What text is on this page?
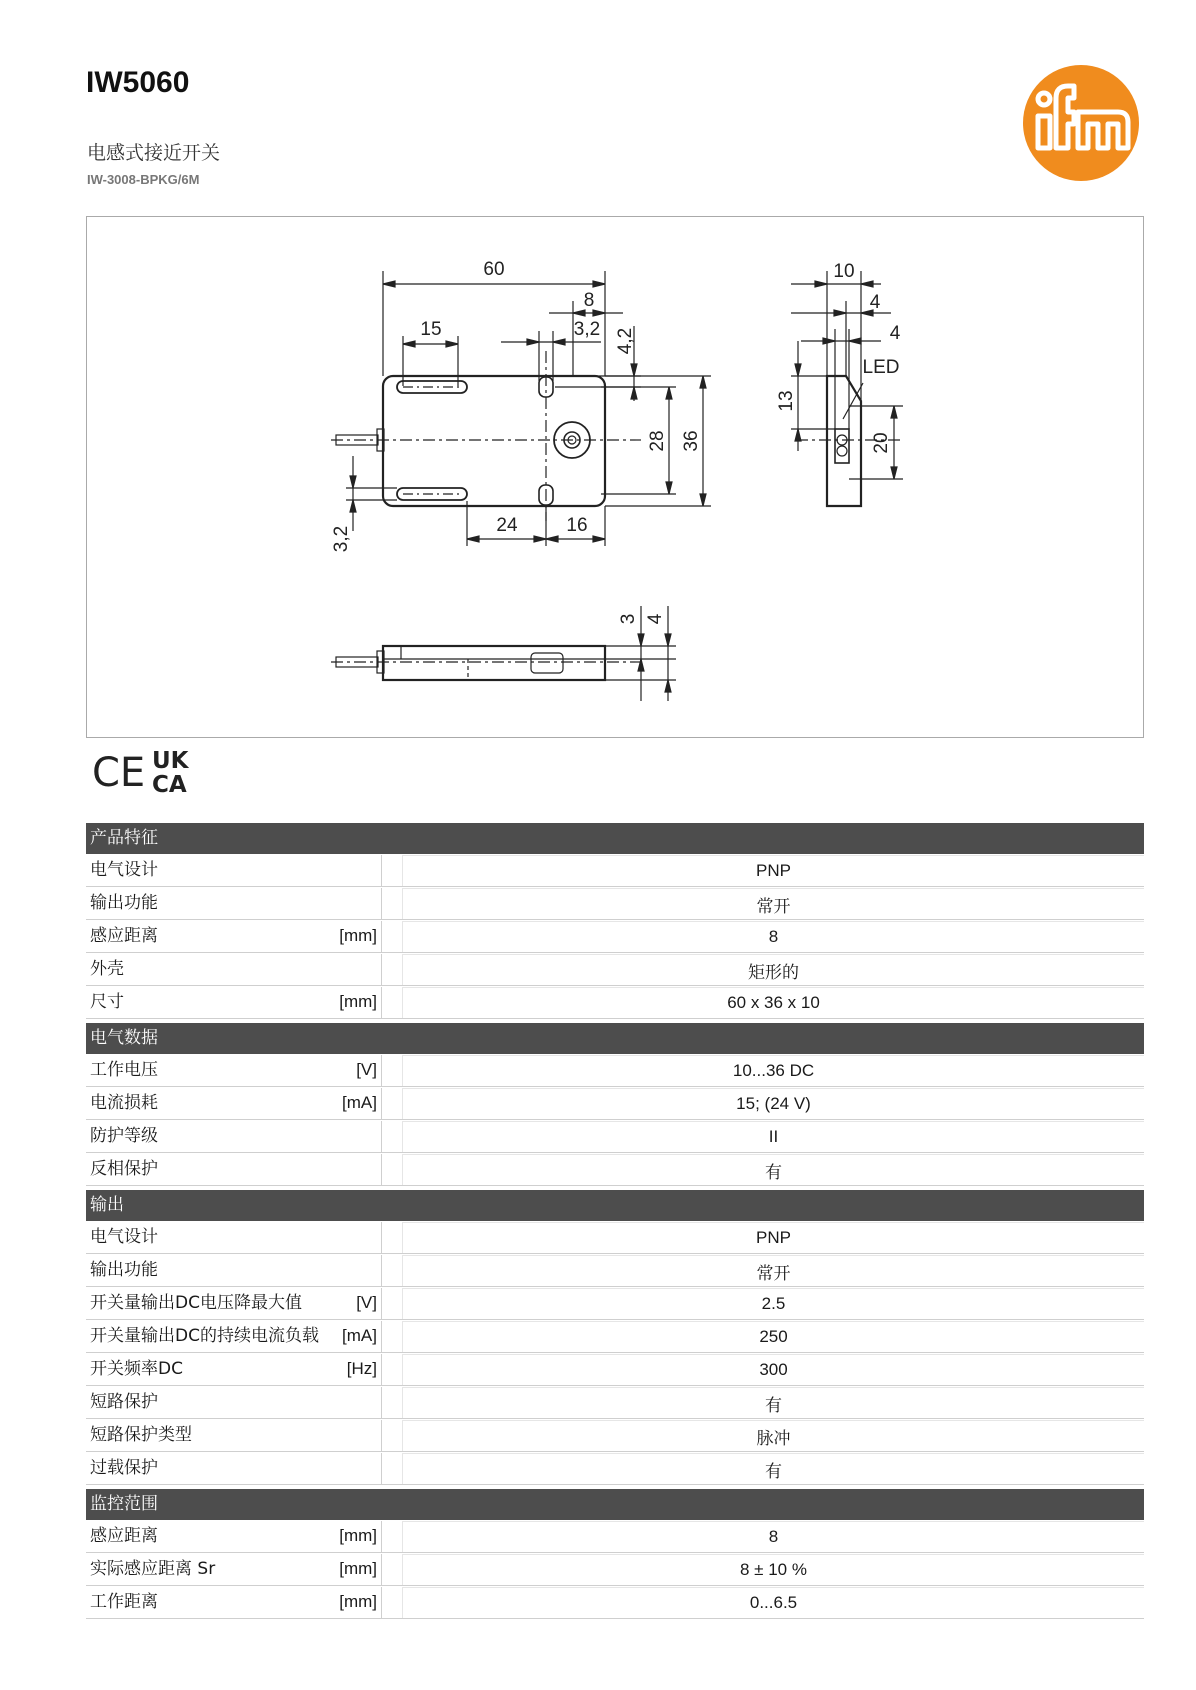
IW5060
电感式接近开关
IW-3008-BPKG/6M
60
8
15	3,2 4,2
28 36
24	16
3,2
10
4
4
LED
13
20
3 4
CE UK
CA
产品特征
电气设计	PNP
输出功能	常开
感应距离	[mm]	8
外壳	矩形的
尺寸	[mm]	60 x 36 x 10
电气数据
工作电压	[V]	10...36 DC
电流损耗	[mA]	15; (24 V)
防护等级	II
反相保护	有
输出
电气设计	PNP
输出功能	常开
开关量输出DC电压降最大值	[V]	2.5
开关量输出DC的持续电流负载 [mA]	250
开关频率DC	[Hz]	300
短路保护	有
短路保护类型	脉冲
过载保护	有
监控范围
感应距离	[mm]	8
实际感应距离 Sr	[mm]	8 ± 10 %
工作距离	[mm]	0...6.5
